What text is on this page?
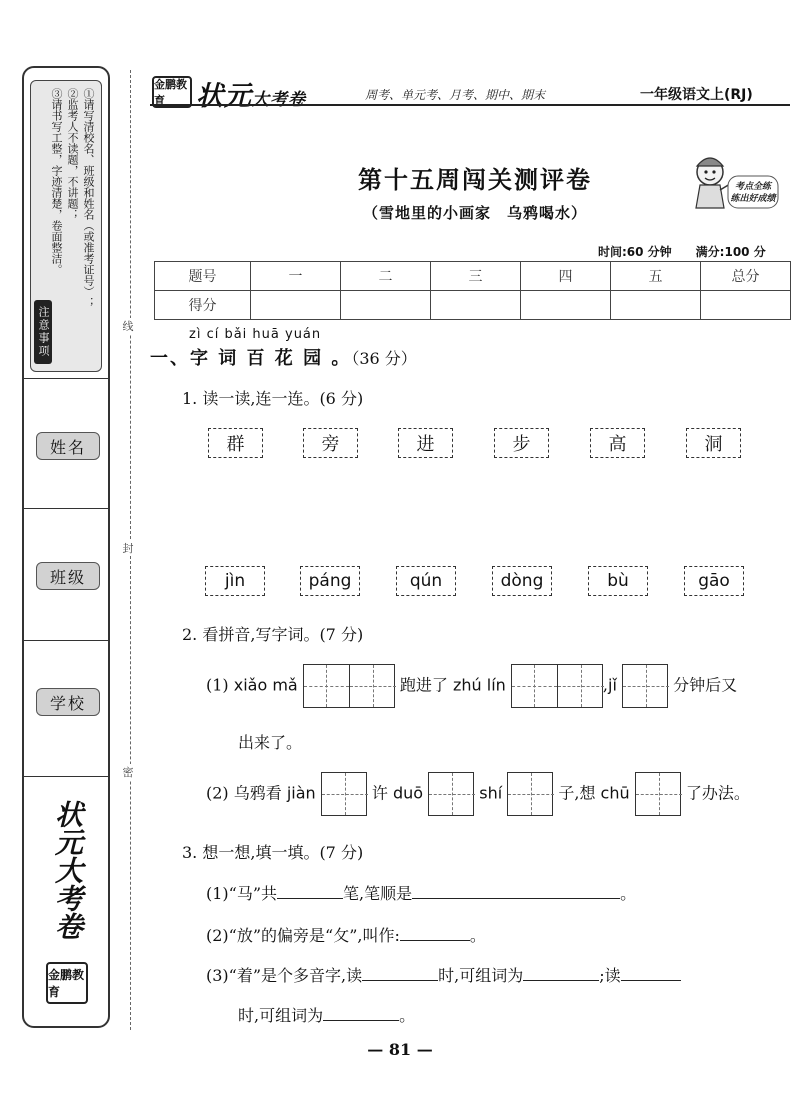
①请写清校名、班级和姓名（或准考证号）；
②监考人不读题，不讲题；
③请书写工整，字迹清楚，卷面整洁。
注意事项
姓名
班级
学校
状元大考卷
金鹏教育
线
封
密
金鹏教育	状元大考卷	周考、单元考、月考、期中、期末	一年级语文上(RJ)
第十五周闯关测评卷
（雪地里的小画家　乌鸦喝水）
考点全练
练出好成绩
时间:60 分钟　　满分:100 分
题号	一	二	三	四	五	总分
得分						
zì cí bǎi huā yuán
一、字 词 百 花 园 。（36 分）
1. 读一读,连一连。(6 分)
群	旁	进	步	高	洞
jìn	páng	qún	dòng	bù	gāo
2. 看拼音,写字词。(7 分)
(1) xiǎo mǎ	跑进了 zhú lín	,jǐ	分钟后又
出来了。
(2) 乌鸦看 jiàn	许 duō	shí	子,想 chū	了办法。
3. 想一想,填一填。(7 分)
(1)“马”共	笔,笔顺是	。
(2)“放”的偏旁是“攵”,叫作:	。
(3)“着”是个多音字,读	时,可组词为	;读
时,可组词为	。
— 81 —
